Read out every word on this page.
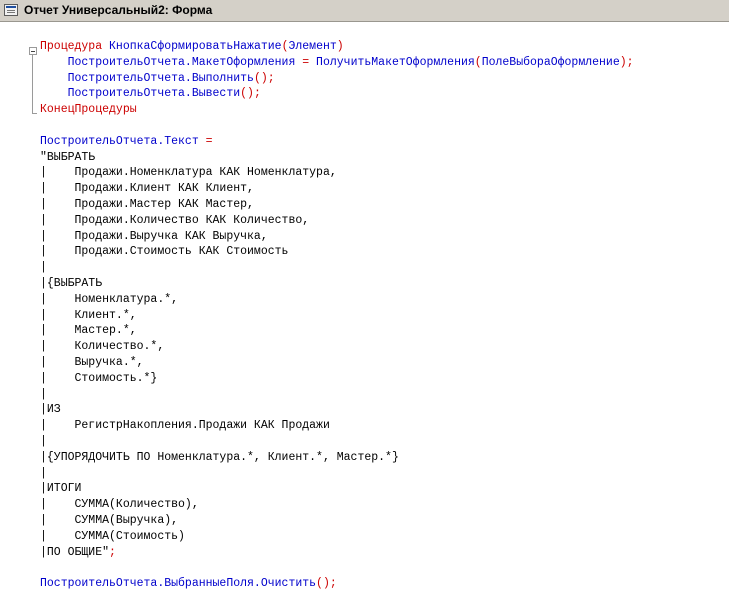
Отчет Универсальный2: Форма
Процедура КнопкаСформироватьНажатие(Элемент)
ПостроительОтчета.МакетОформления = ПолучитьМакетОформления(ПолеВыбораОформление);
ПостроительОтчета.Выполнить();
ПостроительОтчета.Вывести();
КонецПроцедуры

ПостроительОтчета.Текст =
"ВЫБРАТЬ
|    Продажи.Номенклатура КАК Номенклатура,
|    Продажи.Клиент КАК Клиент,
|    Продажи.Мастер КАК Мастер,
|    Продажи.Количество КАК Количество,
|    Продажи.Выручка КАК Выручка,
|    Продажи.Стоимость КАК Стоимость
|
|{ВЫБРАТЬ
|    Номенклатура.*,
|    Клиент.*,
|    Мастер.*,
|    Количество.*,
|    Выручка.*,
|    Стоимость.*}
|
|ИЗ
|    РегистрНакопления.Продажи КАК Продажи
|
|{УПОРЯДОЧИТЬ ПО Номенклатура.*, Клиент.*, Мастер.*}
|
|ИТОГИ
|    СУММА(Количество),
|    СУММА(Выручка),
|    СУММА(Стоимость)
|ПО ОБЩИЕ";

ПостроительОтчета.ВыбранныеПоля.Очистить();
